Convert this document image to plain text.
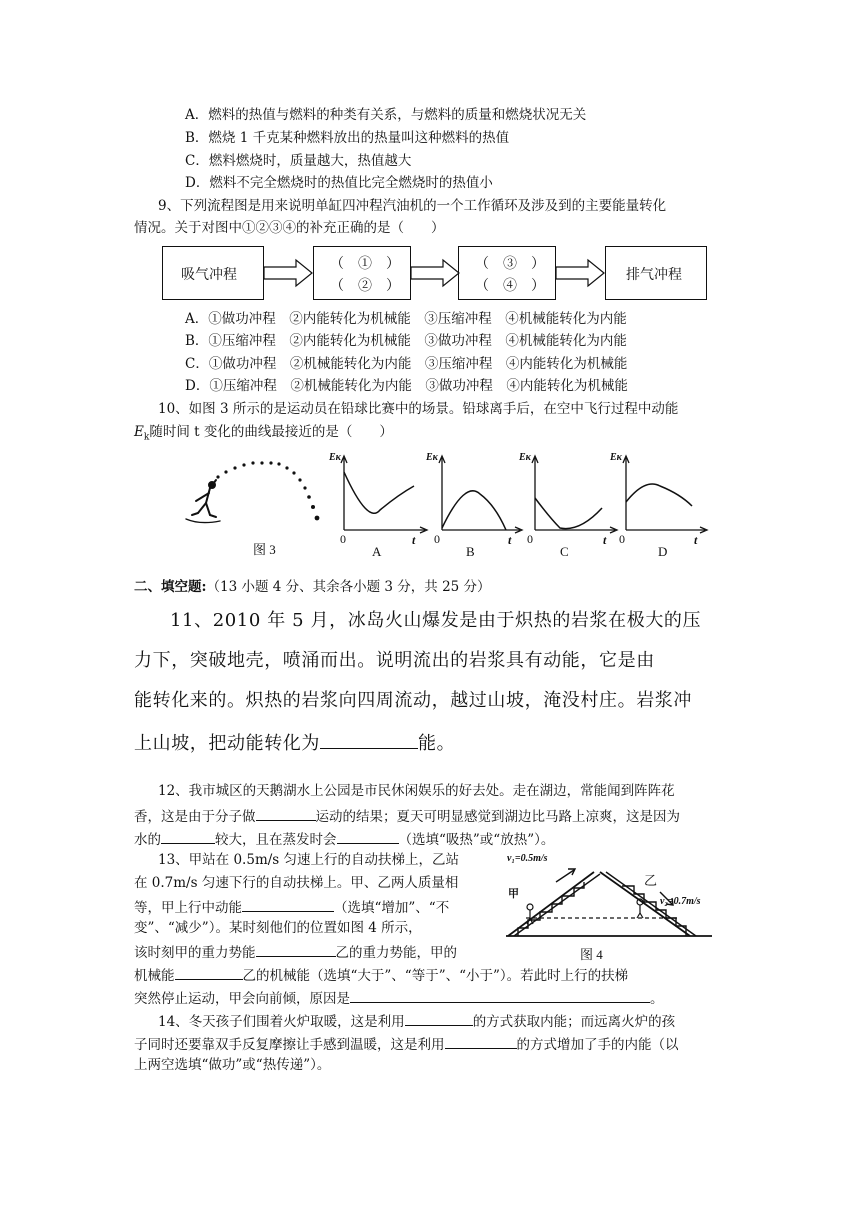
A．燃料的热值与燃料的种类有关系，与燃料的质量和燃烧状况无关
B．燃烧 1 千克某种燃料放出的热量叫这种燃料的热值
C．燃料燃烧时，质量越大，热值越大
D．燃料不完全燃烧时的热值比完全燃烧时的热值小
9、下列流程图是用来说明单缸四冲程汽油机的一个工作循环及涉及到的主要能量转化
情况。关于对图中①②③④的补充正确的是（　　）
吸气冲程
（　①　）
（　②　）
（　③　）
（　④　）
排气冲程
A．①做功冲程　②内能转化为机械能　③压缩冲程　④机械能转化为内能
B．①压缩冲程　②内能转化为机械能　③做功冲程　④机械能转化为内能
C．①做功冲程　②机械能转化为内能　③压缩冲程　④内能转化为机械能
D．①压缩冲程　②机械能转化为内能　③做功冲程　④内能转化为机械能
10、如图 3 所示的是运动员在铅球比赛中的场景。铅球离手后，在空中飞行过程中动能
$E_k$随时间 t 变化的曲线最接近的是（　　）
图 3
Eκ	Eκ	Eκ	Eκ
t	t	t	t
0	0	0	0
A	B	C	D
二、填空题:（13 小题 4 分、其余各小题 3 分，共 25 分）
11、2010 年 5 月，冰岛火山爆发是由于炽热的岩浆在极大的压
力下，突破地壳，喷涌而出。说明流出的岩浆具有动能，它是由
能转化来的。炽热的岩浆向四周流动，越过山坡，淹没村庄。岩浆冲
上山坡，把动能转化为	能。
12、我市城区的天鹅湖水上公园是市民休闲娱乐的好去处。走在湖边，常能闻到阵阵花
香，这是由于分子做	运动的结果；夏天可明显感觉到湖边比马路上凉爽，这是因为
水的	较大，且在蒸发时会	（选填“吸热”或“放热”）。
13、甲站在 0.5m/s 匀速上行的自动扶梯上，乙站
在 0.7m/s 匀速下行的自动扶梯上。甲、乙两人质量相
等，甲上行中动能	（选填“增加”、“不
变”、“减少”）。某时刻他们的位置如图 4 所示，
该时刻甲的重力势能	乙的重力势能，甲的
机械能	乙的机械能（选填“大于”、“等于”、“小于”）。若此时上行的扶梯
突然停止运动，甲会向前倾，原因是	。
v₁=0.5m/s
甲
乙
v₂=0.7m/s
图 4
14、冬天孩子们围着火炉取暖，这是利用	的方式获取内能；而远离火炉的孩
子同时还要靠双手反复摩擦让手感到温暖，这是利用	的方式增加了手的内能（以
上两空选填“做功”或“热传递”）。
